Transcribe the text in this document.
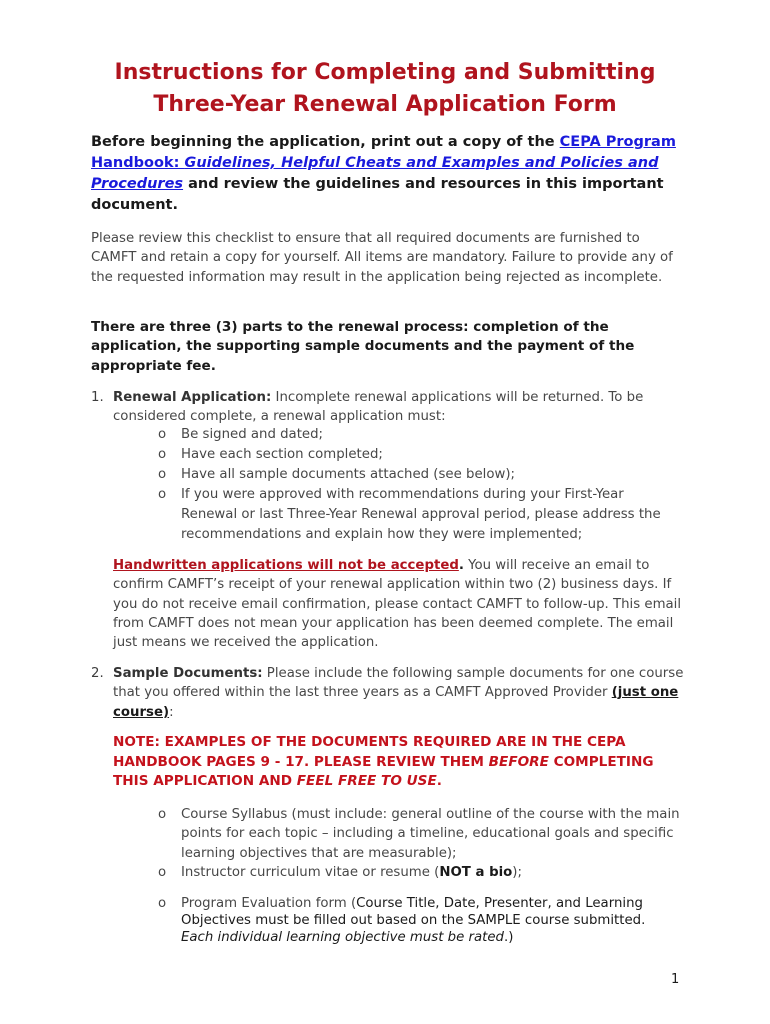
Instructions for Completing and Submitting
Three-Year Renewal Application Form
Before beginning the application, print out a copy of the CEPA Program Handbook: Guidelines, Helpful Cheats and Examples and Policies and Procedures and review the guidelines and resources in this important document.
Please review this checklist to ensure that all required documents are furnished to CAMFT and retain a copy for yourself. All items are mandatory. Failure to provide any of the requested information may result in the application being rejected as incomplete.
There are three (3) parts to the renewal process: completion of the application, the supporting sample documents and the payment of the appropriate fee.
1. Renewal Application: Incomplete renewal applications will be returned. To be considered complete, a renewal application must:
o Be signed and dated;
o Have each section completed;
o Have all sample documents attached (see below);
o If you were approved with recommendations during your First-Year Renewal or last Three-Year Renewal approval period, please address the recommendations and explain how they were implemented;
Handwritten applications will not be accepted. You will receive an email to confirm CAMFT’s receipt of your renewal application within two (2) business days. If you do not receive email confirmation, please contact CAMFT to follow-up. This email from CAMFT does not mean your application has been deemed complete. The email just means we received the application.
2. Sample Documents: Please include the following sample documents for one course that you offered within the last three years as a CAMFT Approved Provider (just one course):
NOTE: EXAMPLES OF THE DOCUMENTS REQUIRED ARE IN THE CEPA HANDBOOK PAGES 9 - 17. PLEASE REVIEW THEM BEFORE COMPLETING THIS APPLICATION AND FEEL FREE TO USE.
o Course Syllabus (must include: general outline of the course with the main points for each topic – including a timeline, educational goals and specific learning objectives that are measurable);
o Instructor curriculum vitae or resume (NOT a bio);
o Program Evaluation form (Course Title, Date, Presenter, and Learning Objectives must be filled out based on the SAMPLE course submitted. Each individual learning objective must be rated.)
1
